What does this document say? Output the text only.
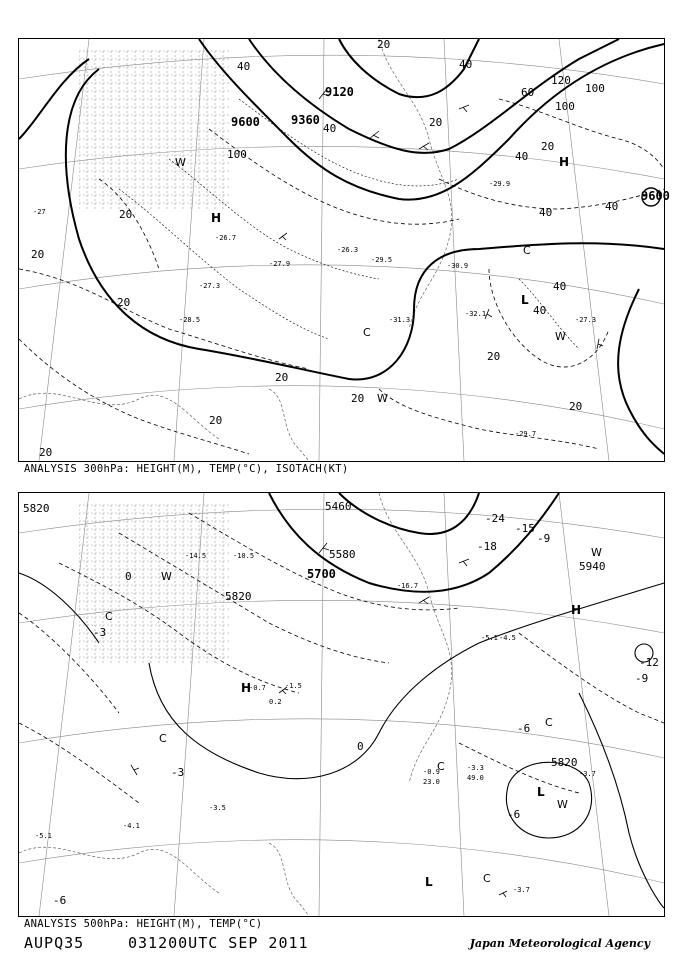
9120
9360
9600
9600
20
20
20
20
20
20
20
20
20
20
20
20
40
40
40
40
40
40
40
40
60
100
100
120
100
-27
-26.7
-27.9
-27.3
-28.5
-29.5
-30.9
-32.1
-29.7
-31.3	-27.3
-26.3
-29.9
H
H
L
W
W
W
C
C
ANALYSIS 300hPa: HEIGHT(M), TEMP(°C), ISOTACH(KT)
5820	5460
5580
5700
5820
5940
5820
-24
-15
-18
-9
-6
-3
0
-12
-9
-6
-3
-6
0
-14.5	-10.5
-16.7
-5.1 -4.5
-0.7
0.2
-1.5
-3.3
49.0	-3.7
-5.1
-4.1
-3.5
-0.9
23.0
-3.7
H
H
L
L
W
W
W
C
C
C
C
C
ANALYSIS 500hPa: HEIGHT(M), TEMP(°C)
AUPQ35	031200UTC SEP 2011	Japan Meteorological Agency
